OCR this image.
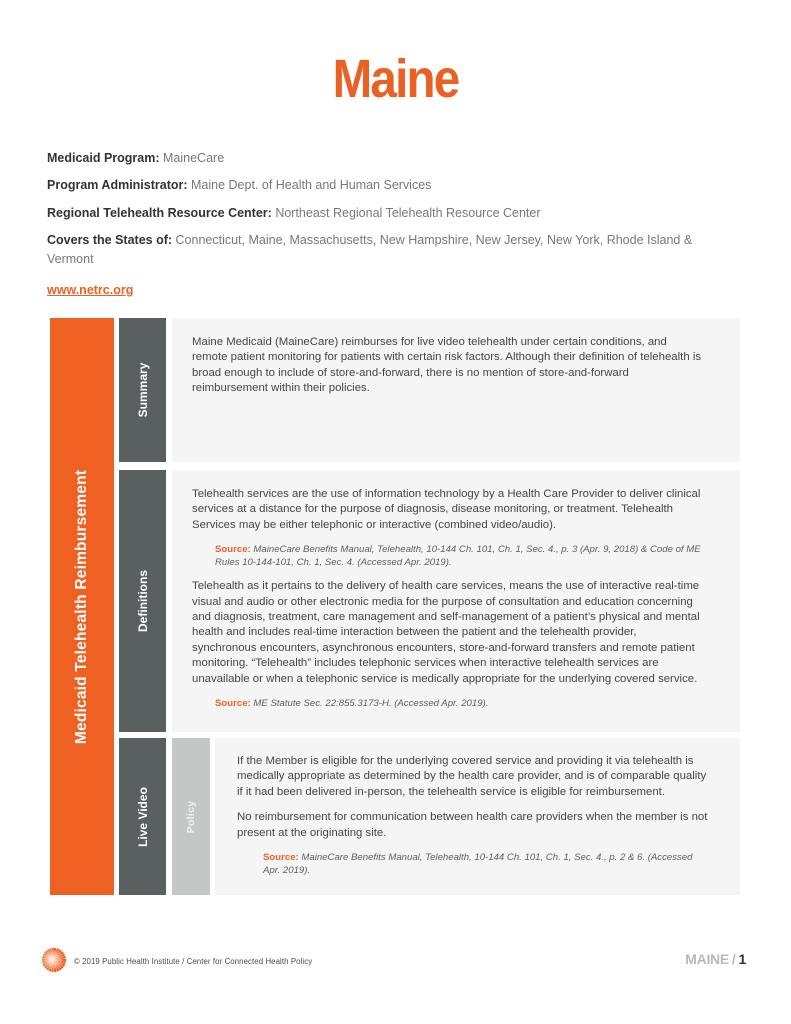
Maine

Medicaid Program: MaineCare

Program Administrator: Maine Dept. of Health and Human Services

Regional Telehealth Resource Center: Northeast Regional Telehealth Resource Center

Covers the States of: Connecticut, Maine, Massachusetts, New Hampshire, New Jersey, New York, Rhode Island & Vermont

www.netrc.org
Medicaid Telehealth Reimbursement
Summary

Maine Medicaid (MaineCare) reimburses for live video telehealth under certain conditions, and remote patient monitoring for patients with certain risk factors. Although their definition of telehealth is broad enough to include of store-and-forward, there is no mention of store-and-forward reimbursement within their policies.

Definitions

Telehealth services are the use of information technology by a Health Care Provider to deliver clinical services at a distance for the purpose of diagnosis, disease monitoring, or treatment. Telehealth Services may be either telephonic or interactive (combined video/audio).

Source: MaineCare Benefits Manual, Telehealth, 10-144 Ch. 101, Ch. 1, Sec. 4., p. 3 (Apr. 9, 2018) & Code of ME Rules 10-144-101, Ch. 1, Sec. 4. (Accessed Apr. 2019).

Telehealth as it pertains to the delivery of health care services, means the use of interactive real-time visual and audio or other electronic media for the purpose of consultation and education concerning and diagnosis, treatment, care management and self-management of a patient’s physical and mental health and includes real-time interaction between the patient and the telehealth provider, synchronous encounters, asynchronous encounters, store-and-forward transfers and remote patient monitoring. “Telehealth” includes telephonic services when interactive telehealth services are unavailable or when a telephonic service is medically appropriate for the underlying covered service.

Source: ME Statute Sec. 22:855.3173-H. (Accessed Apr. 2019).
Live Video	Policy

If the Member is eligible for the underlying covered service and providing it via telehealth is medically appropriate as determined by the health care provider, and is of comparable quality if it had been delivered in-person, the telehealth service is eligible for reimbursement.

No reimbursement for communication between health care providers when the member is not present at the originating site.

Source: MaineCare Benefits Manual, Telehealth, 10-144 Ch. 101, Ch. 1, Sec. 4., p. 2 & 6. (Accessed Apr. 2019).
© 2019 Public Health Institute / Center for Connected Health Policy	MAINE / 1
